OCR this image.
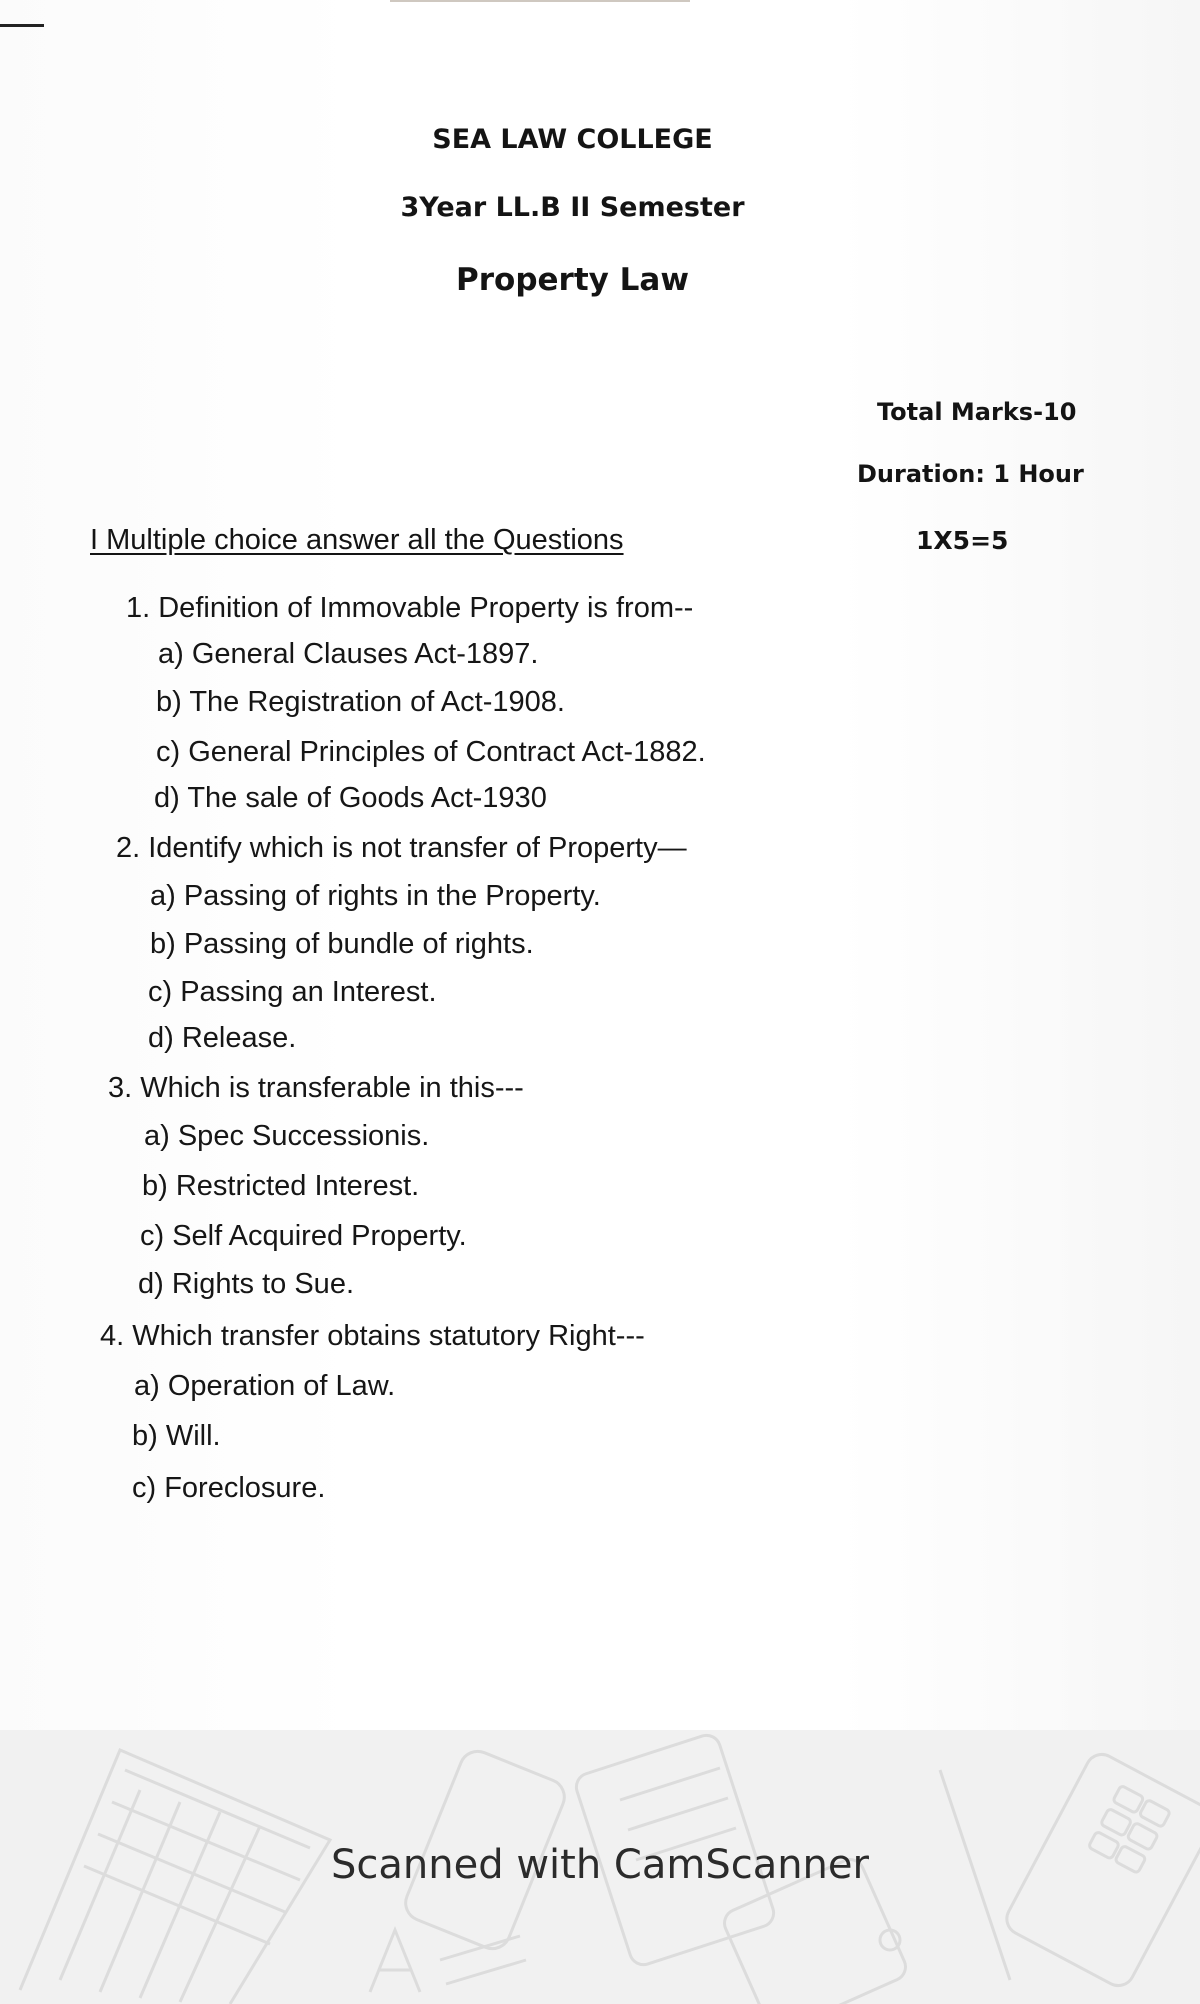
SEA LAW COLLEGE
3Year LL.B II Semester
Property Law
Total Marks-10
Duration: 1 Hour
1X5=5
I Multiple choice answer all the Questions
1. Definition of Immovable Property is from--
a) General Clauses Act-1897.
b) The Registration of Act-1908.
c) General Principles of Contract Act-1882.
d) The sale of Goods Act-1930
2. Identify which is not transfer of Property—
a) Passing of rights in the Property.
b) Passing of bundle of rights.
c) Passing an Interest.
d) Release.
3. Which is transferable in this---
a) Spec Successionis.
b) Restricted Interest.
c) Self Acquired Property.
d) Rights to Sue.
4. Which transfer obtains statutory Right---
a) Operation of Law.
b) Will.
c) Foreclosure.
Scanned with CamScanner
